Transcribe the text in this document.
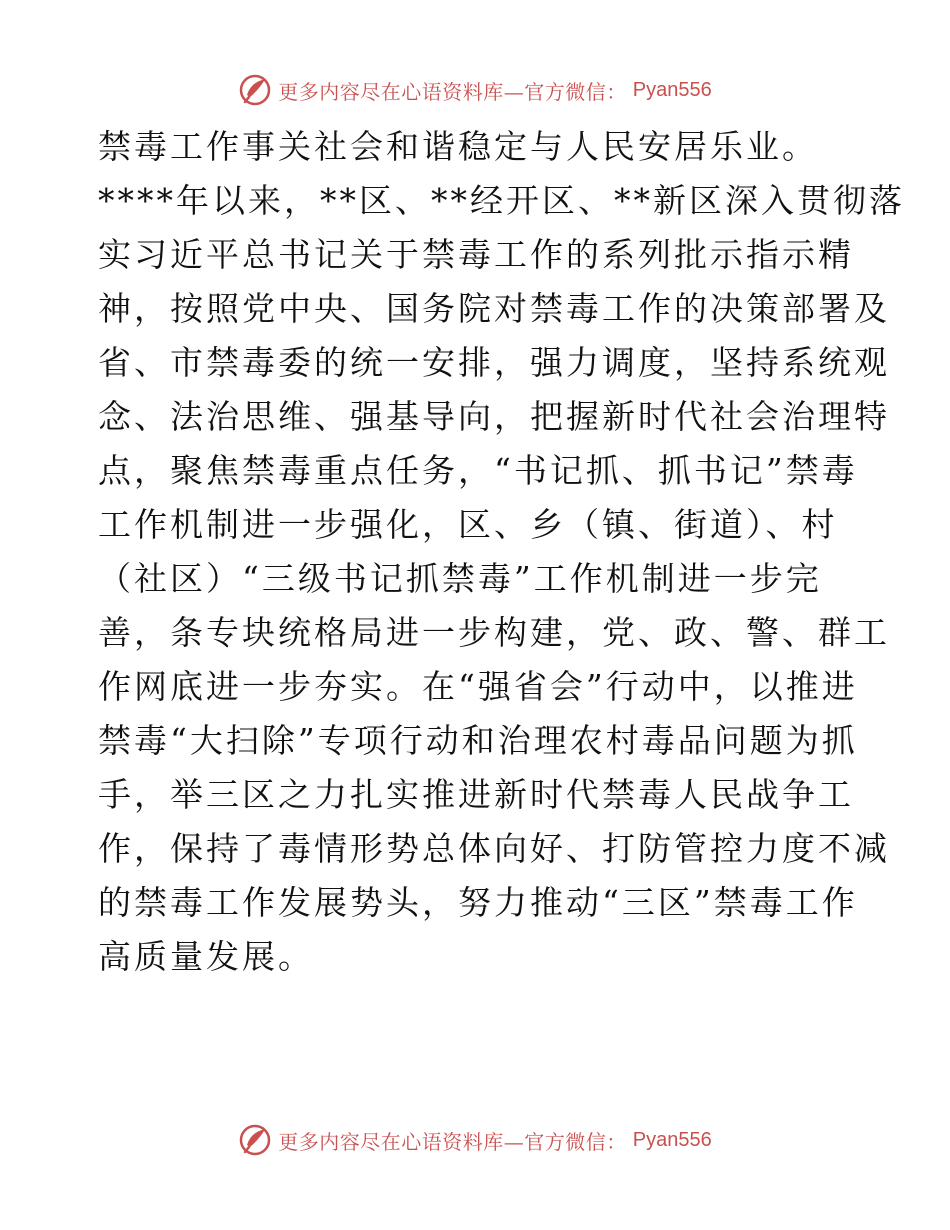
更多内容尽在心语资料库—官方微信： Pyan556
禁毒工作事关社会和谐稳定与人民安居乐业。
****年以来，**区、**经开区、**新区深入贯彻落
实习近平总书记关于禁毒工作的系列批示指示精
神，按照党中央、国务院对禁毒工作的决策部署及
省、市禁毒委的统一安排，强力调度，坚持系统观
念、法治思维、强基导向，把握新时代社会治理特
点，聚焦禁毒重点任务，“书记抓、抓书记”禁毒
工作机制进一步强化，区、乡（镇、街道）、村
（社区）“三级书记抓禁毒”工作机制进一步完
善，条专块统格局进一步构建，党、政、警、群工
作网底进一步夯实。在“强省会”行动中，以推进
禁毒“大扫除”专项行动和治理农村毒品问题为抓
手，举三区之力扎实推进新时代禁毒人民战争工
作，保持了毒情形势总体向好、打防管控力度不减
的禁毒工作发展势头，努力推动“三区”禁毒工作
高质量发展。
更多内容尽在心语资料库—官方微信： Pyan556
